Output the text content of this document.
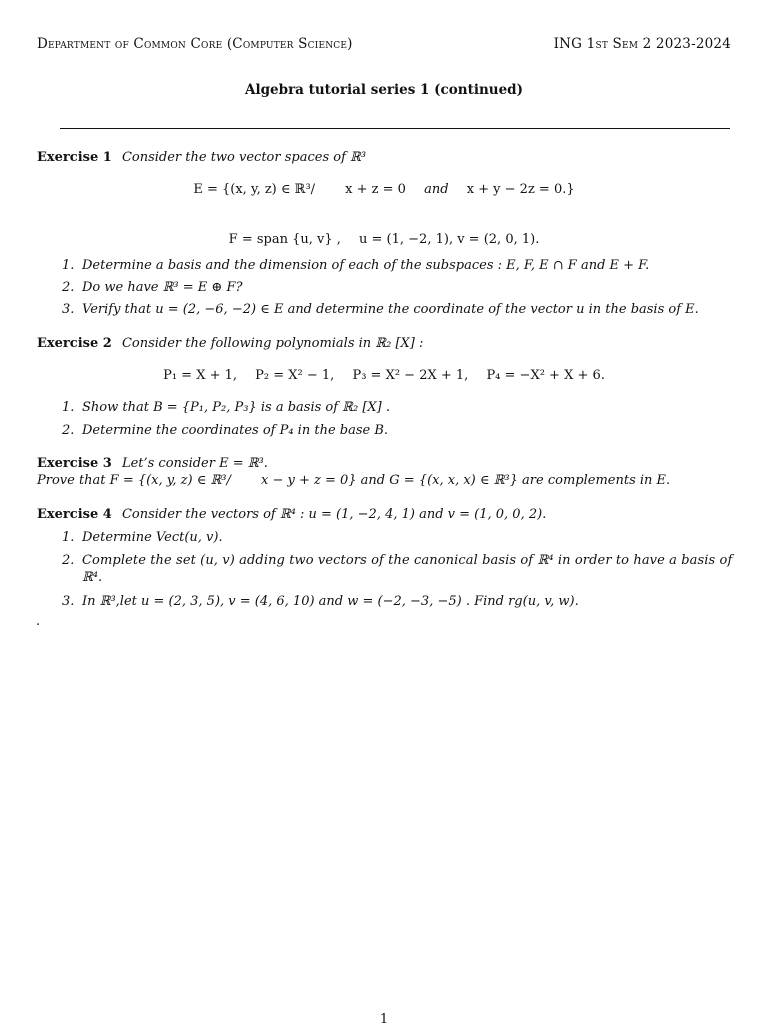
Department of Common Core (Computer Science)	ING 1st Sem 2 2023-2024
Algebra tutorial series 1 (continued)
Exercise 1 Consider the two vector spaces of ℝ³
E = {(x, y, z) ∈ ℝ³/ x + z = 0 and x + y − 2z = 0.}
F = span {u, v} , u = (1, −2, 1), v = (2, 0, 1).
1. Determine a basis and the dimension of each of the subspaces : E, F, E ∩ F and E + F.
2. Do we have ℝ³ = E ⊕ F?
3. Verify that u = (2, −6, −2) ∈ E and determine the coordinate of the vector u in the basis of E.
Exercise 2 Consider the following polynomials in ℝ₂ [X] :
P₁ = X + 1, P₂ = X² − 1, P₃ = X² − 2X + 1, P₄ = −X² + X + 6.
1. Show that B = {P₁, P₂, P₃} is a basis of ℝ₂ [X] .
2. Determine the coordinates of P₄ in the base B.
Exercise 3 Let’s consider E = ℝ³.
Prove that F = {(x, y, z) ∈ ℝ³/ x − y + z = 0} and G = {(x, x, x) ∈ ℝ³} are complements in E.
Exercise 4 Consider the vectors of ℝ⁴ : u = (1, −2, 4, 1) and v = (1, 0, 0, 2).
1. Determine Vect(u, v).
2. Complete the set (u, v) adding two vectors of the canonical basis of ℝ⁴ in order to have a basis of
ℝ⁴.
3. In ℝ³,let u = (2, 3, 5), v = (4, 6, 10) and w = (−2, −3, −5) . Find rg(u, v, w).
.
1
